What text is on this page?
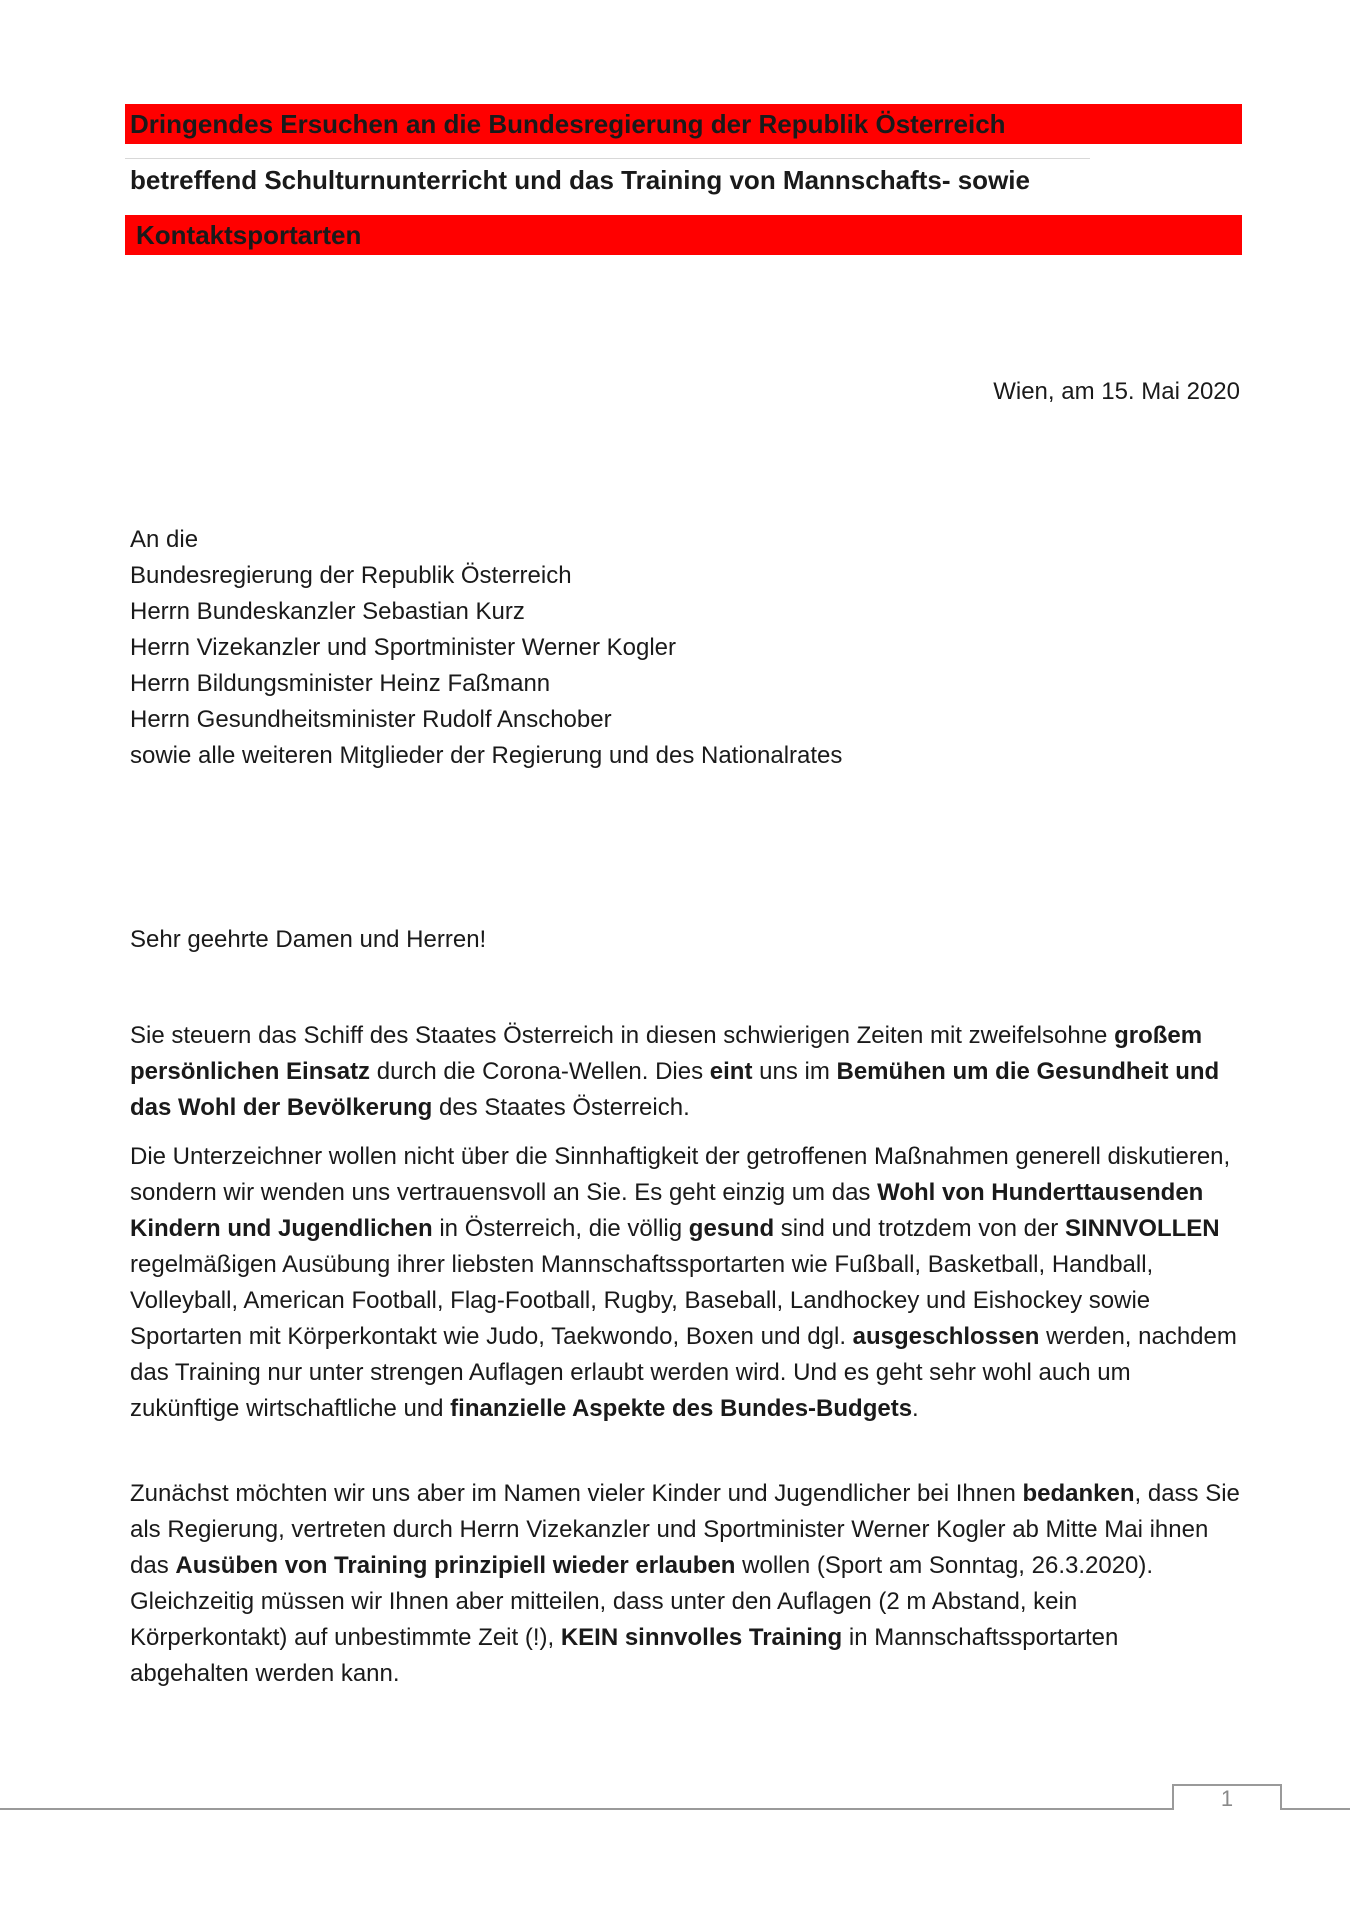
Dringendes Ersuchen an die Bundesregierung der Republik Österreich
betreffend Schulturnunterricht und das Training von Mannschafts- sowie
Kontaktsportarten
Wien, am 15. Mai 2020
An die
Bundesregierung der Republik Österreich
Herrn Bundeskanzler Sebastian Kurz
Herrn Vizekanzler und Sportminister Werner Kogler
Herrn Bildungsminister Heinz Faßmann
Herrn Gesundheitsminister Rudolf Anschober
sowie alle weiteren Mitglieder der Regierung und des Nationalrates
Sehr geehrte Damen und Herren!
Sie steuern das Schiff des Staates Österreich in diesen schwierigen Zeiten mit zweifelsohne großem persönlichen Einsatz durch die Corona-Wellen. Dies eint uns im Bemühen um die Gesundheit und das Wohl der Bevölkerung des Staates Österreich.
Die Unterzeichner wollen nicht über die Sinnhaftigkeit der getroffenen Maßnahmen generell diskutieren, sondern wir wenden uns vertrauensvoll an Sie. Es geht einzig um das Wohl von Hunderttausenden Kindern und Jugendlichen in Österreich, die völlig gesund sind und trotzdem von der SINNVOLLEN regelmäßigen Ausübung ihrer liebsten Mannschaftssportarten wie Fußball, Basketball, Handball, Volleyball, American Football, Flag-Football, Rugby, Baseball, Landhockey und Eishockey sowie Sportarten mit Körperkontakt wie Judo, Taekwondo, Boxen und dgl. ausgeschlossen werden, nachdem das Training nur unter strengen Auflagen erlaubt werden wird. Und es geht sehr wohl auch um zukünftige wirtschaftliche und finanzielle Aspekte des Bundes-Budgets.
Zunächst möchten wir uns aber im Namen vieler Kinder und Jugendlicher bei Ihnen bedanken, dass Sie als Regierung, vertreten durch Herrn Vizekanzler und Sportminister Werner Kogler ab Mitte Mai ihnen das Ausüben von Training prinzipiell wieder erlauben wollen (Sport am Sonntag, 26.3.2020). Gleichzeitig müssen wir Ihnen aber mitteilen, dass unter den Auflagen (2 m Abstand, kein Körperkontakt) auf unbestimmte Zeit (!), KEIN sinnvolles Training in Mannschaftssportarten abgehalten werden kann.
1
